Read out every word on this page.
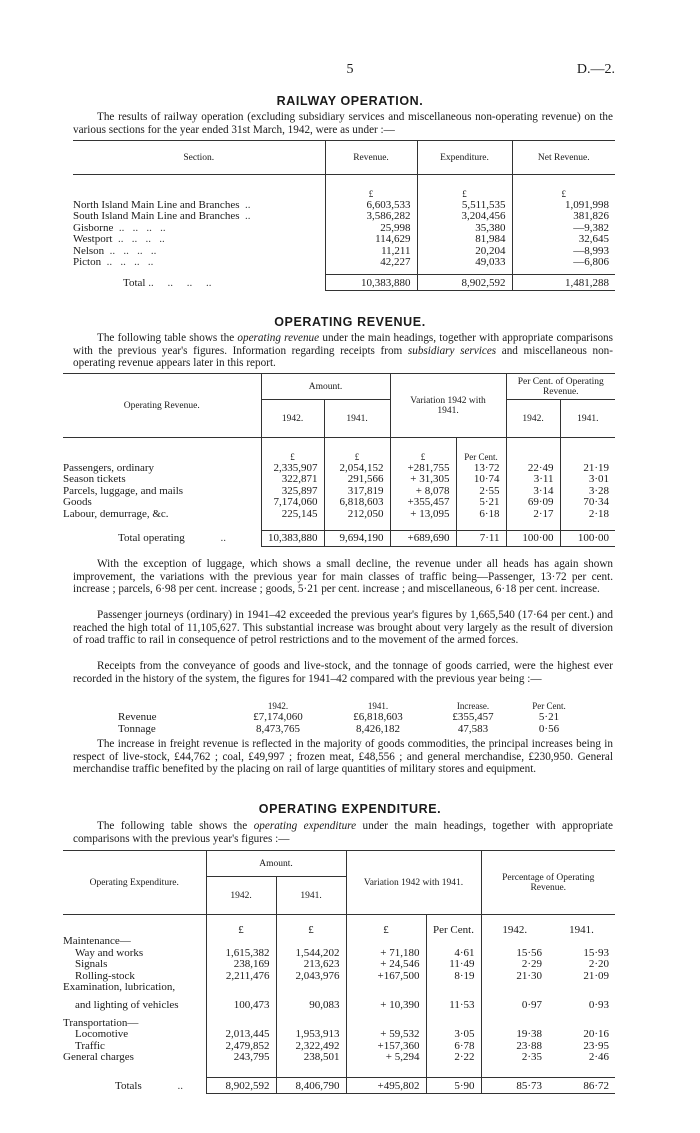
5	D.—2.
RAILWAY OPERATION.

The results of railway operation (excluding subsidiary services and miscellaneous non-operating revenue) on the various sections for the year ended 31st March, 1942, were as under :—

Section.	Revenue.	Expenditure.	Net Revenue.

	£	£	£
North Island Main Line and Branches  ..	6,603,533	5,511,535	1,091,998
South Island Main Line and Branches  ..	3,586,282	3,204,456	381,826
Gisborne  ..   ..   ..   ..	25,998	35,380	—9,382
Westport  ..   ..   ..   ..	114,629	81,984	32,645
Nelson  ..   ..   ..   ..	11,211	20,204	—8,993
Picton  ..   ..   ..   ..	42,227	49,033	—6,806

Total ..     ..     ..     ..	10,383,880	8,902,592	1,481,288
OPERATING REVENUE.

The following table shows the operating revenue under the main headings, together with appropriate comparisons with the previous year's figures. Information regarding receipts from subsidiary services and miscellaneous non-operating revenue appears later in this report.

Operating Revenue.	Amount.		Variation 1942 with 1941.		Per Cent. of Operating Revenue.	
	1942.	1941.			1942.	1941.

	£	£	£	Per Cent.		
Passengers, ordinary	2,335,907	2,054,152	+281,755	13·72	22·49	21·19
Season tickets	322,871	291,566	+ 31,305	10·74	3·11	3·01
Parcels, luggage, and mails	325,897	317,819	+ 8,078	2·55	3·14	3·28
Goods	7,174,060	6,818,603	+355,457	5·21	69·09	70·34
Labour, demurrage, &c.	225,145	212,050	+ 13,095	6·18	2·17	2·18

Total operating             ..	10,383,880	9,694,190	+689,690	7·11	100·00	100·00

With the exception of luggage, which shows a small decline, the revenue under all heads has again shown improvement, the variations with the previous year for main classes of traffic being—Passenger, 13·72 per cent. increase ; parcels, 6·98 per cent. increase ; goods, 5·21 per cent. increase ; and miscellaneous, 6·18 per cent. increase.

Passenger journeys (ordinary) in 1941–42 exceeded the previous year's figures by 1,665,540 (17·64 per cent.) and reached the high total of 11,105,627. This substantial increase was brought about very largely as the result of diversion of road traffic to rail in consequence of petrol restrictions and to the movement of the armed forces.

Receipts from the conveyance of goods and live-stock, and the tonnage of goods carried, were the highest ever recorded in the history of the system, the figures for 1941–42 compared with the previous year being :—

	1942.	1941.	Increase.	Per Cent.
Revenue	£7,174,060	£6,818,603	£355,457	5·21
Tonnage	8,473,765	8,426,182	47,583	0·56

The increase in freight revenue is reflected in the majority of goods commodities, the principal increases being in respect of live-stock, £44,762 ; coal, £49,997 ; frozen meat, £48,556 ; and general merchandise, £230,950. General merchandise traffic benefited by the placing on rail of large quantities of military stores and equipment.

OPERATING EXPENDITURE.

The following table shows the operating expenditure under the main headings, together with appropriate comparisons with the previous year's figures :—

Operating Expenditure.	Amount.		Variation 1942 with 1941.		Percentage of Operating Revenue.	
	1942.	1941.				

	£	£	£	Per Cent.	1942.	1941.
Maintenance—						
Way and works	1,615,382	1,544,202	+ 71,180	4·61	15·56	15·93
Signals	238,169	213,623	+ 24,546	11·49	2·29	2·20
Rolling-stock	2,211,476	2,043,976	+167,500	8·19	21·30	21·09
Examination, lubrication,						
and lighting of vehicles	100,473	90,083	+ 10,390	11·53	0·97	0·93
Transportation—						
Locomotive	2,013,445	1,953,913	+ 59,532	3·05	19·38	20·16
Traffic	2,479,852	2,322,492	+157,360	6·78	23·88	23·95
General charges	243,795	238,501	+ 5,294	2·22	2·35	2·46

Totals             ..	8,902,592	8,406,790	+495,802	5·90	85·73	86·72
